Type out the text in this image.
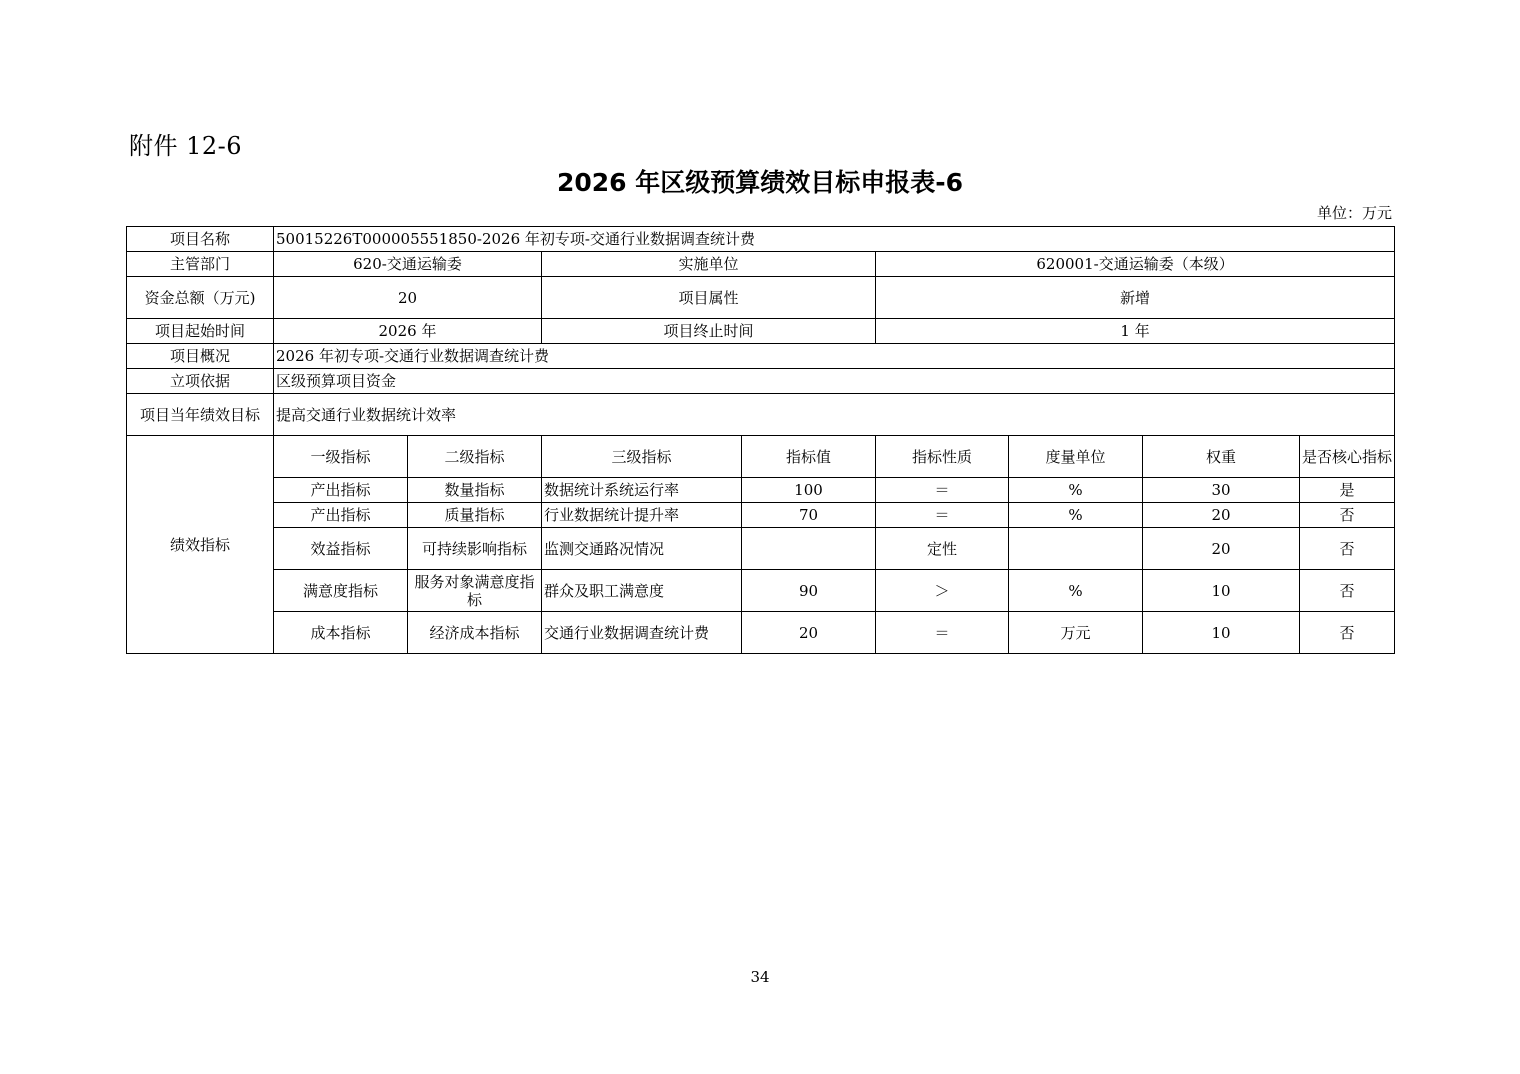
附件 12-6
2026 年区级预算绩效目标申报表-6
单位：万元
项目名称	50015226T000005551850-2026 年初专项-交通行业数据调查统计费							
主管部门	620-交通运输委		实施单位		620001-交通运输委（本级）			
资金总额（万元)	20		项目属性		新增			
项目起始时间	2026 年		项目终止时间		1 年			
项目概况	2026 年初专项-交通行业数据调查统计费							
立项依据	区级预算项目资金							
项目当年绩效目标	提高交通行业数据统计效率							
绩效指标	一级指标	二级指标	三级指标	指标值	指标性质	度量单位	权重	是否核心指标
	产出指标	数量指标	数据统计系统运行率	100	＝	%	30	是
	产出指标	质量指标	行业数据统计提升率	70	＝	%	20	否
	效益指标	可持续影响指标	监测交通路况情况		定性		20	否
	满意度指标	服务对象满意度指标	群众及职工满意度	90	＞	%	10	否
	成本指标	经济成本指标	交通行业数据调查统计费	20	＝	万元	10	否
34
